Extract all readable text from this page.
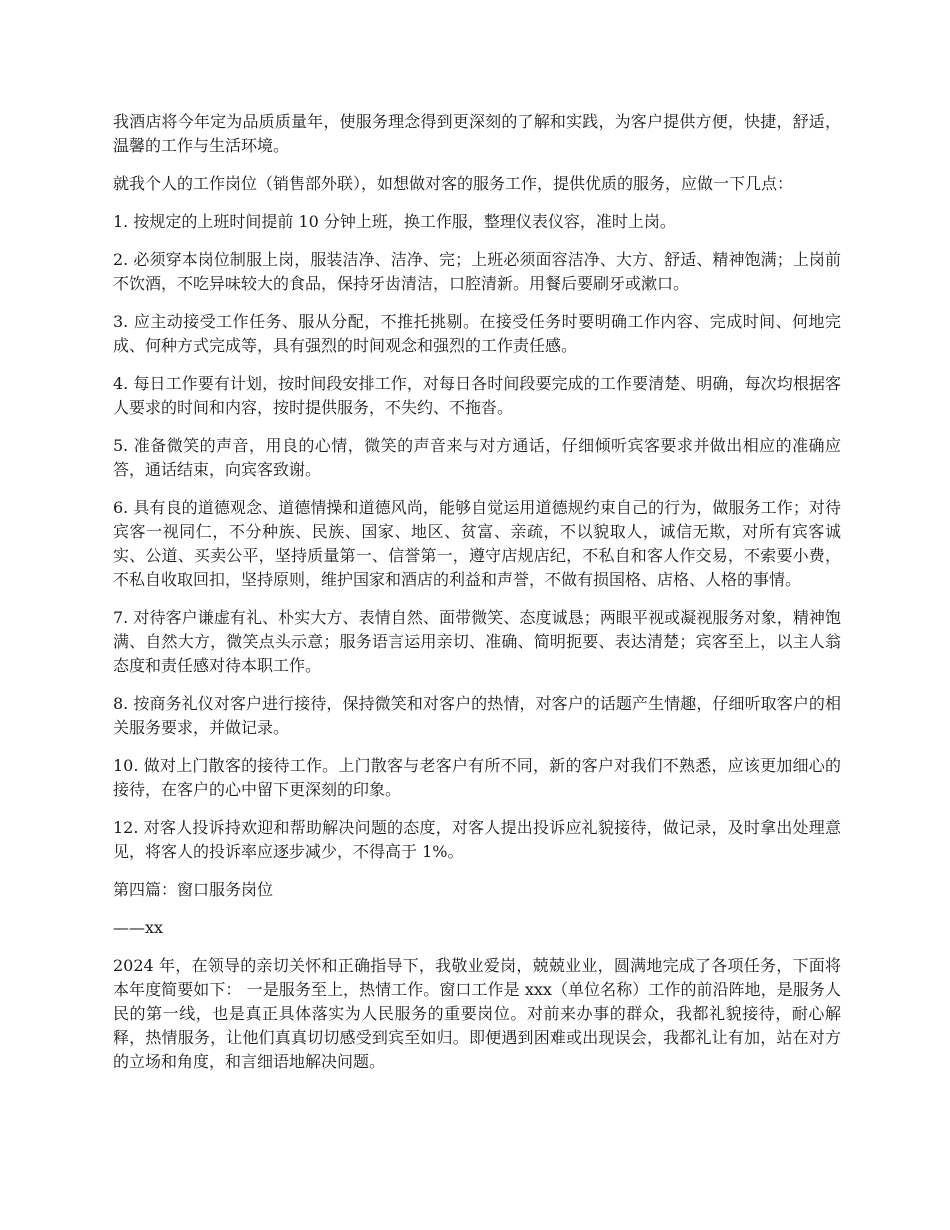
我酒店将今年定为品质质量年，使服务理念得到更深刻的了解和实践，为客户提供方便，快捷，舒适，温馨的工作与生活环境。

就我个人的工作岗位（销售部外联），如想做对客的服务工作，提供优质的服务，应做一下几点：

1. 按规定的上班时间提前 10 分钟上班，换工作服，整理仪表仪容，准时上岗。

2. 必须穿本岗位制服上岗，服装洁净、洁净、完；上班必须面容洁净、大方、舒适、精神饱满；上岗前不饮酒，不吃异味较大的食品，保持牙齿清洁，口腔清新。用餐后要刷牙或漱口。

3. 应主动接受工作任务、服从分配，不推托挑剔。在接受任务时要明确工作内容、完成时间、何地完成、何种方式完成等，具有强烈的时间观念和强烈的工作责任感。

4. 每日工作要有计划，按时间段安排工作，对每日各时间段要完成的工作要清楚、明确，每次均根据客人要求的时间和内容，按时提供服务，不失约、不拖沓。

5. 准备微笑的声音，用良的心情，微笑的声音来与对方通话，仔细倾听宾客要求并做出相应的准确应答，通话结束，向宾客致谢。

6. 具有良的道德观念、道德情操和道德风尚，能够自觉运用道德规约束自己的行为，做服务工作；对待宾客一视同仁，不分种族、民族、国家、地区、贫富、亲疏，不以貌取人，诚信无欺，对所有宾客诚实、公道、买卖公平，坚持质量第一、信誉第一，遵守店规店纪，不私自和客人作交易，不索要小费，不私自收取回扣，坚持原则，维护国家和酒店的利益和声誉，不做有损国格、店格、人格的事情。

7. 对待客户谦虚有礼、朴实大方、表情自然、面带微笑、态度诚恳；两眼平视或凝视服务对象，精神饱满、自然大方，微笑点头示意；服务语言运用亲切、准确、简明扼要、表达清楚；宾客至上，以主人翁态度和责任感对待本职工作。

8. 按商务礼仪对客户进行接待，保持微笑和对客户的热情，对客户的话题产生情趣，仔细听取客户的相关服务要求，并做记录。

10. 做对上门散客的接待工作。上门散客与老客户有所不同，新的客户对我们不熟悉，应该更加细心的接待，在客户的心中留下更深刻的印象。

12. 对客人投诉持欢迎和帮助解决问题的态度，对客人提出投诉应礼貌接待，做记录，及时拿出处理意见，将客人的投诉率应逐步减少，不得高于 1%。

第四篇：窗口服务岗位

——xx

2024 年，在领导的亲切关怀和正确指导下，我敬业爱岗，兢兢业业，圆满地完成了各项任务，下面将本年度简要如下： 一是服务至上，热情工作。窗口工作是 xxx（单位名称）工作的前沿阵地，是服务人民的第一线，也是真正具体落实为人民服务的重要岗位。对前来办事的群众，我都礼貌接待，耐心解释，热情服务，让他们真真切切感受到宾至如归。即便遇到困难或出现误会，我都礼让有加，站在对方的立场和角度，和言细语地解决问题。
